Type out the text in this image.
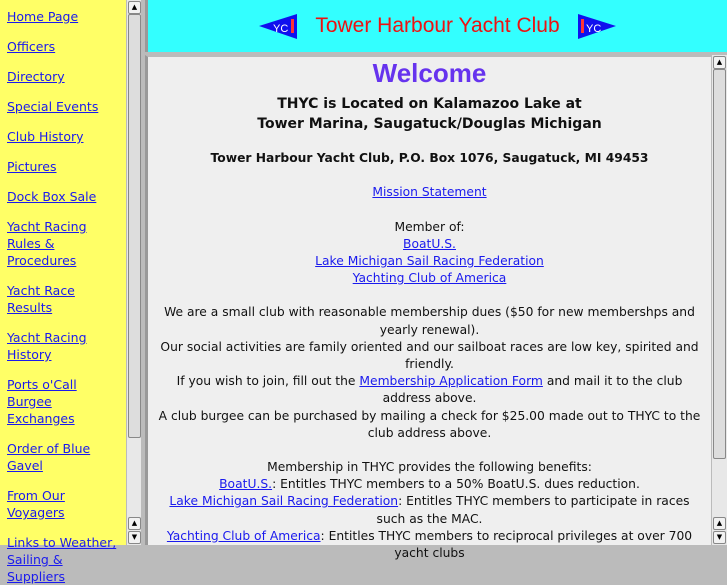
Home Page
Officers
Directory
Special Events
Club History
Pictures
Dock Box Sale
Yacht Racing Rules & Procedures
Yacht Race Results
Yacht Racing History
Ports o'Call Burgee Exchanges
Order of Blue Gavel
From Our Voyagers
Links to Weather, Sailing & Suppliers
▲
▲
▼
YC Tower Harbour Yacht Club YC
Welcome
THYC is Located on Kalamazoo Lake at
Tower Marina, Saugatuck/Douglas Michigan

Tower Harbour Yacht Club, P.O. Box 1076, Saugatuck, MI 49453

Mission Statement

Member of:
BoatU.S.
Lake Michigan Sail Racing Federation
Yachting Club of America

We are a small club with reasonable membership dues ($50 for new membershps and yearly renewal).
Our social activities are family oriented and our sailboat races are low key, spirited and friendly.
If you wish to join, fill out the Membership Application Form and mail it to the club address above.
A club burgee can be purchased by mailing a check for $25.00 made out to THYC to the club address above.

Membership in THYC provides the following benefits:
BoatU.S.: Entitles THYC members to a 50% BoatU.S. dues reduction.
Lake Michigan Sail Racing Federation: Entitles THYC members to participate in races such as the MAC.
Yachting Club of America: Entitles THYC members to reciprocal privileges at over 700 yacht clubs

▲
▲
▼
